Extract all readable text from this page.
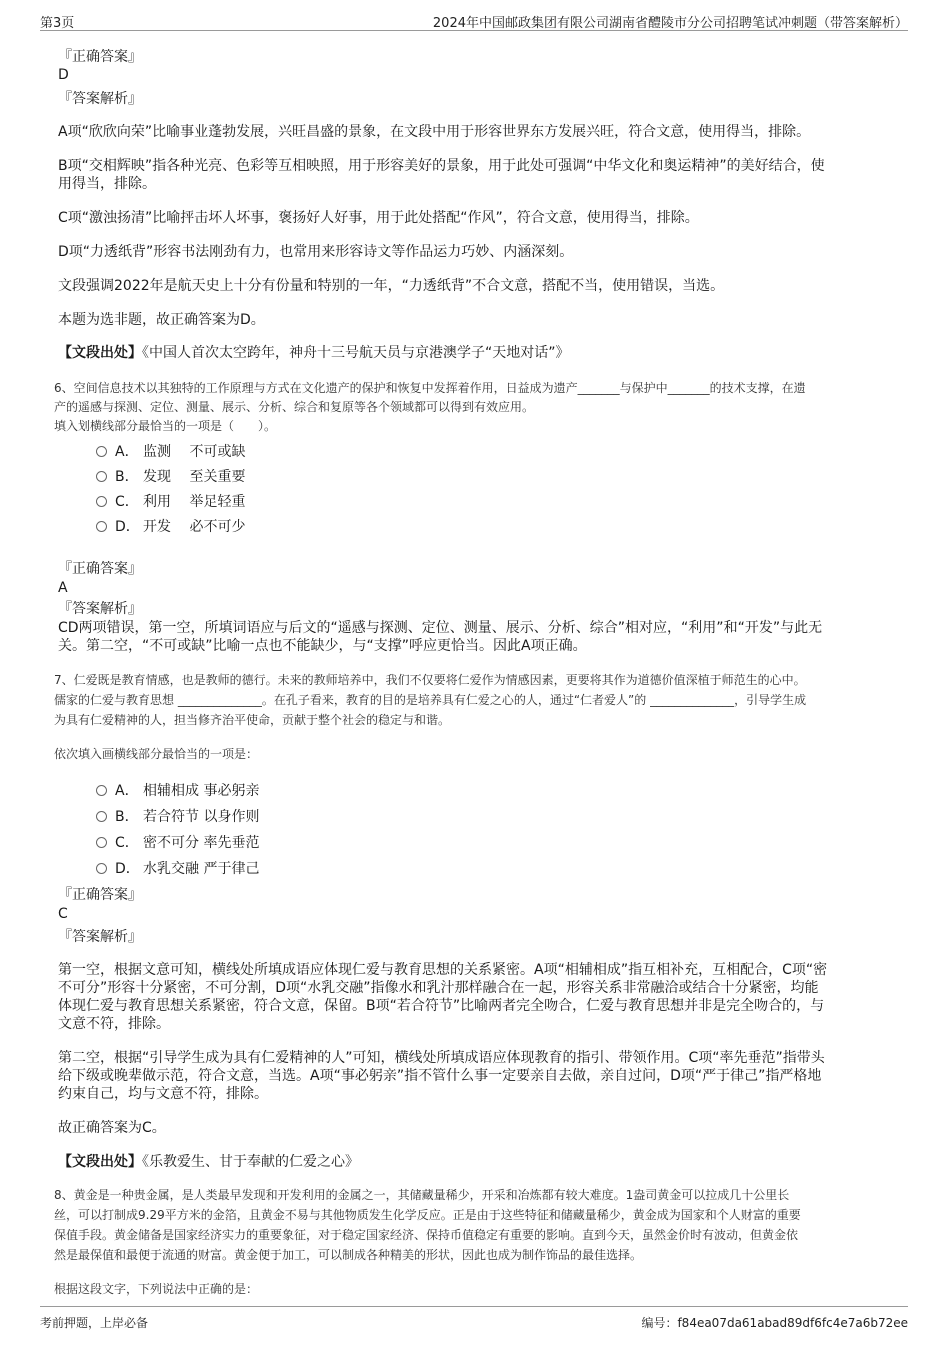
第3页	2024年中国邮政集团有限公司湖南省醴陵市分公司招聘笔试冲刺题（带答案解析）
『正确答案』
D
『答案解析』
A项“欣欣向荣”比喻事业蓬勃发展，兴旺昌盛的景象，在文段中用于形容世界东方发展兴旺，符合文意，使用得当，排除。
B项“交相辉映”指各种光亮、色彩等互相映照，用于形容美好的景象，用于此处可强调“中华文化和奥运精神”的美好结合，使
用得当，排除。
C项“激浊扬清”比喻抨击坏人坏事，褒扬好人好事，用于此处搭配“作风”，符合文意，使用得当，排除。
D项“力透纸背”形容书法刚劲有力，也常用来形容诗文等作品运力巧妙、内涵深刻。
文段强调2022年是航天史上十分有份量和特别的一年，“力透纸背”不合文意，搭配不当，使用错误，当选。
本题为选非题，故正确答案为D。
【文段出处】《中国人首次太空跨年，神舟十三号航天员与京港澳学子“天地对话”》
6、空间信息技术以其独特的工作原理与方式在文化遗产的保护和恢复中发挥着作用，日益成为遗产_______与保护中_______的技术支撑，在遗
产的遥感与探测、定位、测量、展示、分析、综合和复原等各个领域都可以得到有效应用。
填入划横线部分最恰当的一项是（　　）。
A． 监测　 不可或缺
B． 发现　 至关重要
C． 利用　 举足轻重
D． 开发　 必不可少
『正确答案』
A
『答案解析』
CD两项错误，第一空，所填词语应与后文的“遥感与探测、定位、测量、展示、分析、综合”相对应，“利用”和“开发”与此无
关。第二空，“不可或缺”比喻一点也不能缺少，与“支撑”呼应更恰当。因此A项正确。
7、仁爱既是教育情感，也是教师的德行。未来的教师培养中，我们不仅要将仁爱作为情感因素，更要将其作为道德价值深植于师范生的心中。
儒家的仁爱与教育思想 ______________。在孔子看来，教育的目的是培养具有仁爱之心的人，通过“仁者爱人”的 ______________，引导学生成
为具有仁爱精神的人，担当修齐治平使命，贡献于整个社会的稳定与和谐。
依次填入画横线部分最恰当的一项是：
A． 相辅相成 事必躬亲
B． 若合符节 以身作则
C． 密不可分 率先垂范
D． 水乳交融 严于律己
『正确答案』
C
『答案解析』
第一空，根据文意可知，横线处所填成语应体现仁爱与教育思想的关系紧密。A项“相辅相成”指互相补充，互相配合，C项“密
不可分”形容十分紧密，不可分割，D项“水乳交融”指像水和乳汁那样融合在一起，形容关系非常融洽或结合十分紧密，均能
体现仁爱与教育思想关系紧密，符合文意，保留。B项“若合符节”比喻两者完全吻合，仁爱与教育思想并非是完全吻合的，与
文意不符，排除。
第二空，根据“引导学生成为具有仁爱精神的人”可知，横线处所填成语应体现教育的指引、带领作用。C项“率先垂范”指带头
给下级或晚辈做示范，符合文意，当选。A项“事必躬亲”指不管什么事一定要亲自去做，亲自过问，D项“严于律己”指严格地
约束自己，均与文意不符，排除。
故正确答案为C。
【文段出处】《乐教爱生、甘于奉献的仁爱之心》
8、黄金是一种贵金属，是人类最早发现和开发利用的金属之一，其储藏量稀少，开采和冶炼都有较大难度。1盎司黄金可以拉成几十公里长
丝，可以打制成9.29平方米的金箔，且黄金不易与其他物质发生化学反应。正是由于这些特征和储藏量稀少，黄金成为国家和个人财富的重要
保值手段。黄金储备是国家经济实力的重要象征，对于稳定国家经济、保持币值稳定有重要的影响。直到今天，虽然金价时有波动，但黄金依
然是最保值和最便于流通的财富。黄金便于加工，可以制成各种精美的形状，因此也成为制作饰品的最佳选择。
根据这段文字，下列说法中正确的是：
考前押题，上岸必备	编号：f84ea07da61abad89df6fc4e7a6b72ee
